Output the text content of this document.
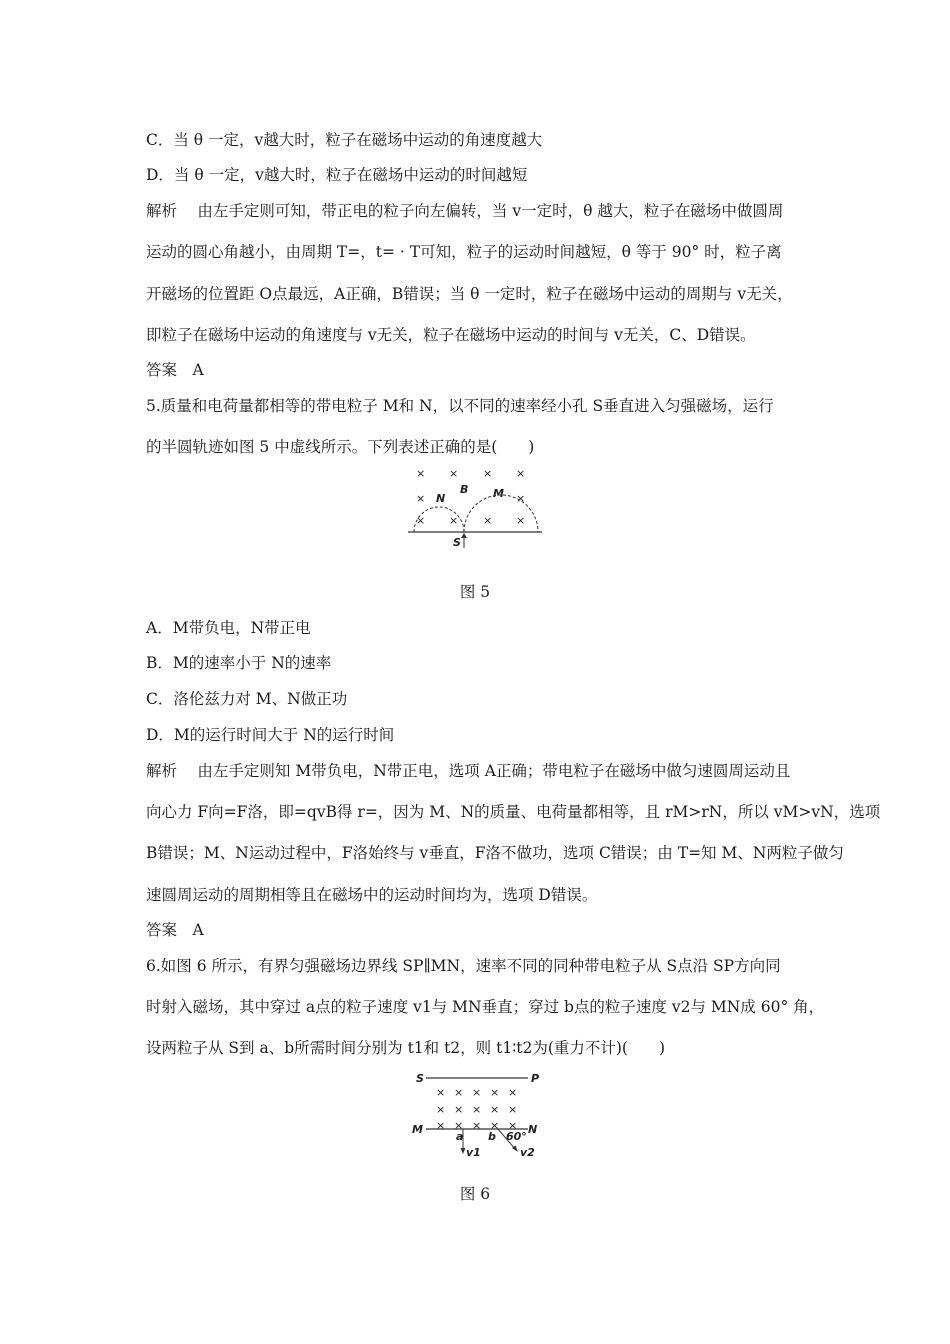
C．当 θ 一定，v越大时，粒子在磁场中运动的角速度越大
D．当 θ 一定，v越大时，粒子在磁场中运动的时间越短
解析　 由左手定则可知，带正电的粒子向左偏转，当 v一定时，θ 越大，粒子在磁场中做圆周
运动的圆心角越小，由周期 T=，t= · T可知，粒子的运动时间越短，θ 等于 90° 时，粒子离
开磁场的位置距 O点最远，A正确，B错误；当 θ 一定时，粒子在磁场中运动的周期与 v无关，
即粒子在磁场中运动的角速度与 v无关，粒子在磁场中运动的时间与 v无关，C、D错误。
答案　A
5.质量和电荷量都相等的带电粒子 M和 N，以不同的速率经小孔 S垂直进入匀强磁场，运行
的半圆轨迹如图 5 中虚线所示。下列表述正确的是(　　)
× × × ×
×	×
× × ×
×
N
B M
S
图 5
A．M带负电，N带正电
B．M的速率小于 N的速率
C．洛伦兹力对 M、N做正功
D．M的运行时间大于 N的运行时间
解析　 由左手定则知 M带负电，N带正电，选项 A正确；带电粒子在磁场中做匀速圆周运动且
向心力 F向=F洛，即=qvB得 r=，因为 M、N的质量、电荷量都相等，且 rM>rN，所以 vM>vN，选项
B错误；M、N运动过程中，F洛始终与 v垂直，F洛不做功，选项 C错误；由 T=知 M、N两粒子做匀
速圆周运动的周期相等且在磁场中的运动时间均为，选项 D错误。
答案　A
6.如图 6 所示，有界匀强磁场边界线 SP∥MN，速率不同的同种带电粒子从 S点沿 SP方向同
时射入磁场，其中穿过 a点的粒子速度 v1与 MN垂直；穿过 b点的粒子速度 v2与 MN成 60° 角，
设两粒子从 S到 a、b所需时间分别为 t1和 t2，则 t1∶t2为(重力不计)(　　)
S	P
× × × × ×
× × × × ×
× × × × ×
M	N
a b 60°
v1	v2
图 6
